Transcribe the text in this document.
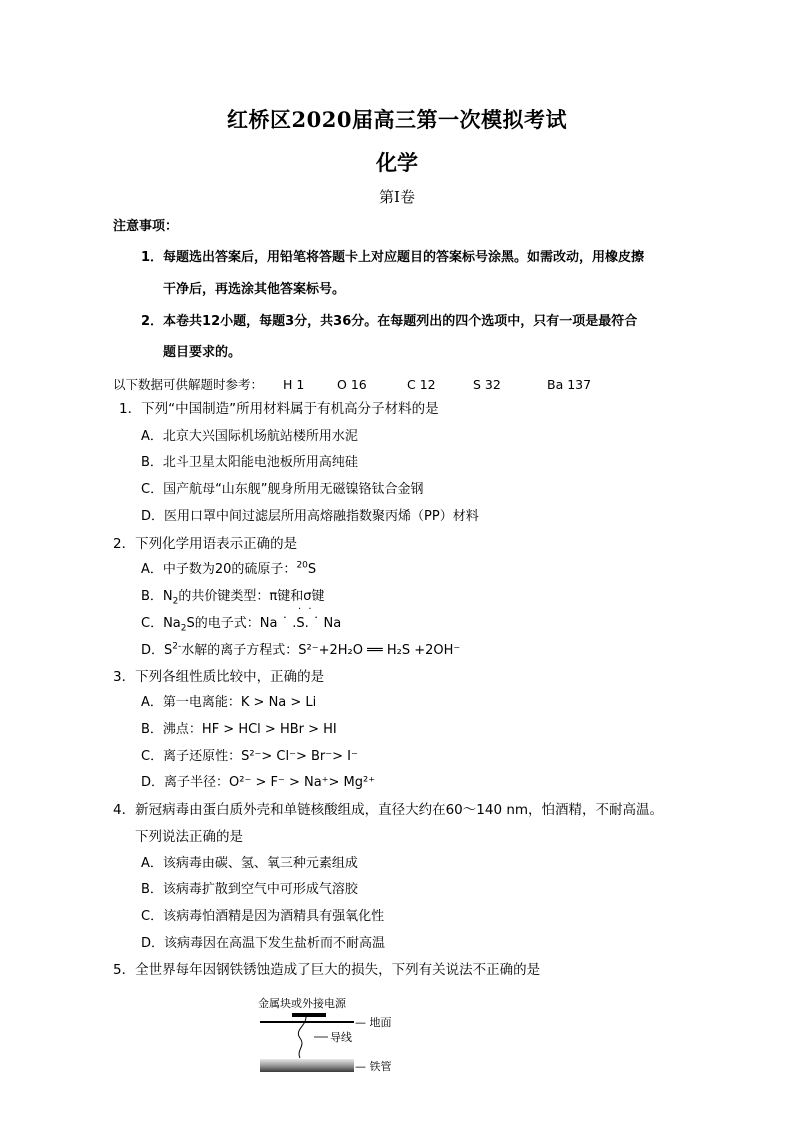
红桥区2020届高三第一次模拟考试
化学
第Ⅰ卷
注意事项：
1．每题选出答案后，用铅笔将答题卡上对应题目的答案标号涂黑。如需改动，用橡皮擦
干净后，再选涂其他答案标号。
2．本卷共12小题，每题3分，共36分。在每题列出的四个选项中，只有一项是最符合
题目要求的。
以下数据可供解题时参考： H 1	O 16	C 12	S 32	Ba 137
1．下列“中国制造”所用材料属于有机高分子材料的是
A．北京大兴国际机场航站楼所用水泥
B．北斗卫星太阳能电池板所用高纯硅
C．国产航母“山东舰”舰身所用无磁镍铬钛合金钢
D．医用口罩中间过滤层所用高熔融指数聚丙烯（PP）材料
2．下列化学用语表示正确的是
A．中子数为20的硫原子：$^{20}$S
B．$N_2$的共价键类型：π键和σ键
· ·
C．$Na_2S$的电子式：Na ˙ .S. ˙ Na
D．$S^{2-}$水解的离子方程式：S²⁻+2H₂O ══ H₂S +2OH⁻
3．下列各组性质比较中，正确的是
A．第一电离能：K > Na > Li
B．沸点：HF > HCl > HBr > HI
C．离子还原性：S²⁻> Cl⁻> Br⁻> I⁻
D．离子半径：O²⁻ > F⁻ > Na⁺> Mg²⁺
4．新冠病毒由蛋白质外壳和单链核酸组成，直径大约在60～140 nm，怕酒精，不耐高温。
下列说法正确的是
A．该病毒由碳、氢、氧三种元素组成
B．该病毒扩散到空气中可形成气溶胶
C．该病毒怕酒精是因为酒精具有强氧化性
D．该病毒因在高温下发生盐析而不耐高温
5．全世界每年因钢铁锈蚀造成了巨大的损失，下列有关说法不正确的是
金属块或外接电源
— 地面
导线
— 铁管
